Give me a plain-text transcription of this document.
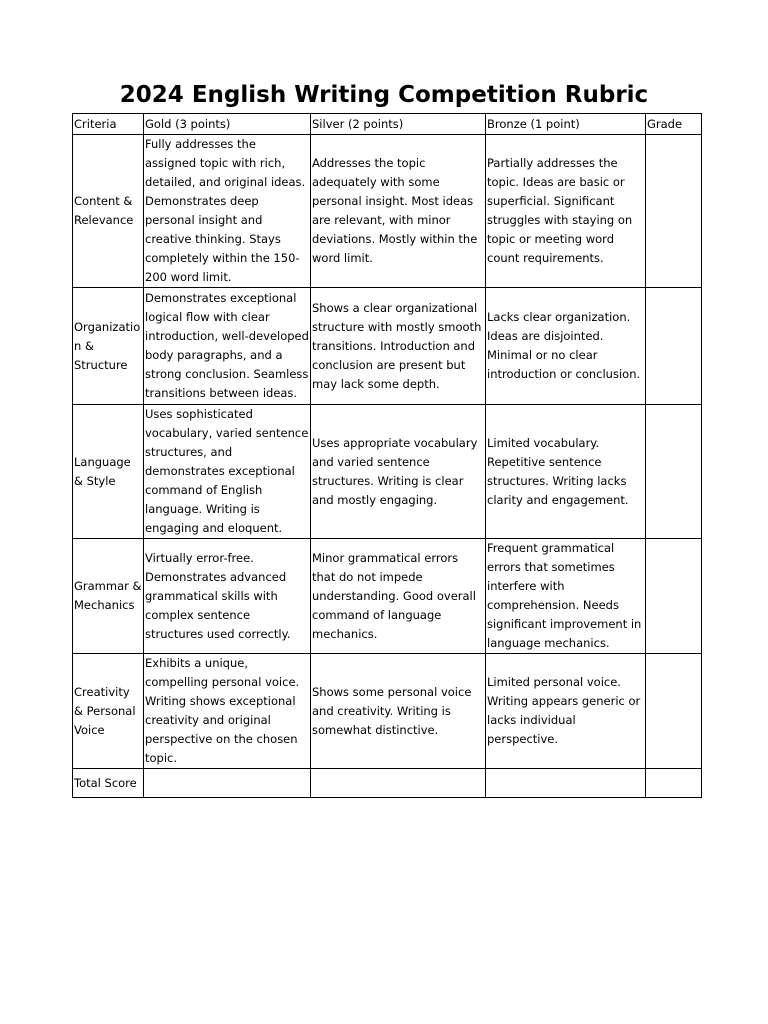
2024 English Writing Competition Rubric
Criteria	Gold (3 points)	Silver (2 points)	Bronze (1 point)	Grade
Content & Relevance	Fully addresses the assigned topic with rich, detailed, and original ideas. Demonstrates deep personal insight and creative thinking. Stays completely within the 150-200 word limit.	Addresses the topic adequately with some personal insight. Most ideas are relevant, with minor deviations. Mostly within the word limit.	Partially addresses the topic. Ideas are basic or superficial. Significant struggles with staying on topic or meeting word count requirements.	
Organization & Structure	Demonstrates exceptional logical flow with clear introduction, well-developed body paragraphs, and a strong conclusion. Seamless transitions between ideas.	Shows a clear organizational structure with mostly smooth transitions. Introduction and conclusion are present but may lack some depth.	Lacks clear organization. Ideas are disjointed. Minimal or no clear introduction or conclusion.	
Language & Style	Uses sophisticated vocabulary, varied sentence structures, and demonstrates exceptional command of English language. Writing is engaging and eloquent.	Uses appropriate vocabulary and varied sentence structures. Writing is clear and mostly engaging.	Limited vocabulary. Repetitive sentence structures. Writing lacks clarity and engagement.	
Grammar & Mechanics	Virtually error-free. Demonstrates advanced grammatical skills with complex sentence structures used correctly.	Minor grammatical errors that do not impede understanding. Good overall command of language mechanics.	Frequent grammatical errors that sometimes interfere with comprehension. Needs significant improvement in language mechanics.	
Creativity & Personal Voice	Exhibits a unique, compelling personal voice. Writing shows exceptional creativity and original perspective on the chosen topic.	Shows some personal voice and creativity. Writing is somewhat distinctive.	Limited personal voice. Writing appears generic or lacks individual perspective.	
Total Score				
